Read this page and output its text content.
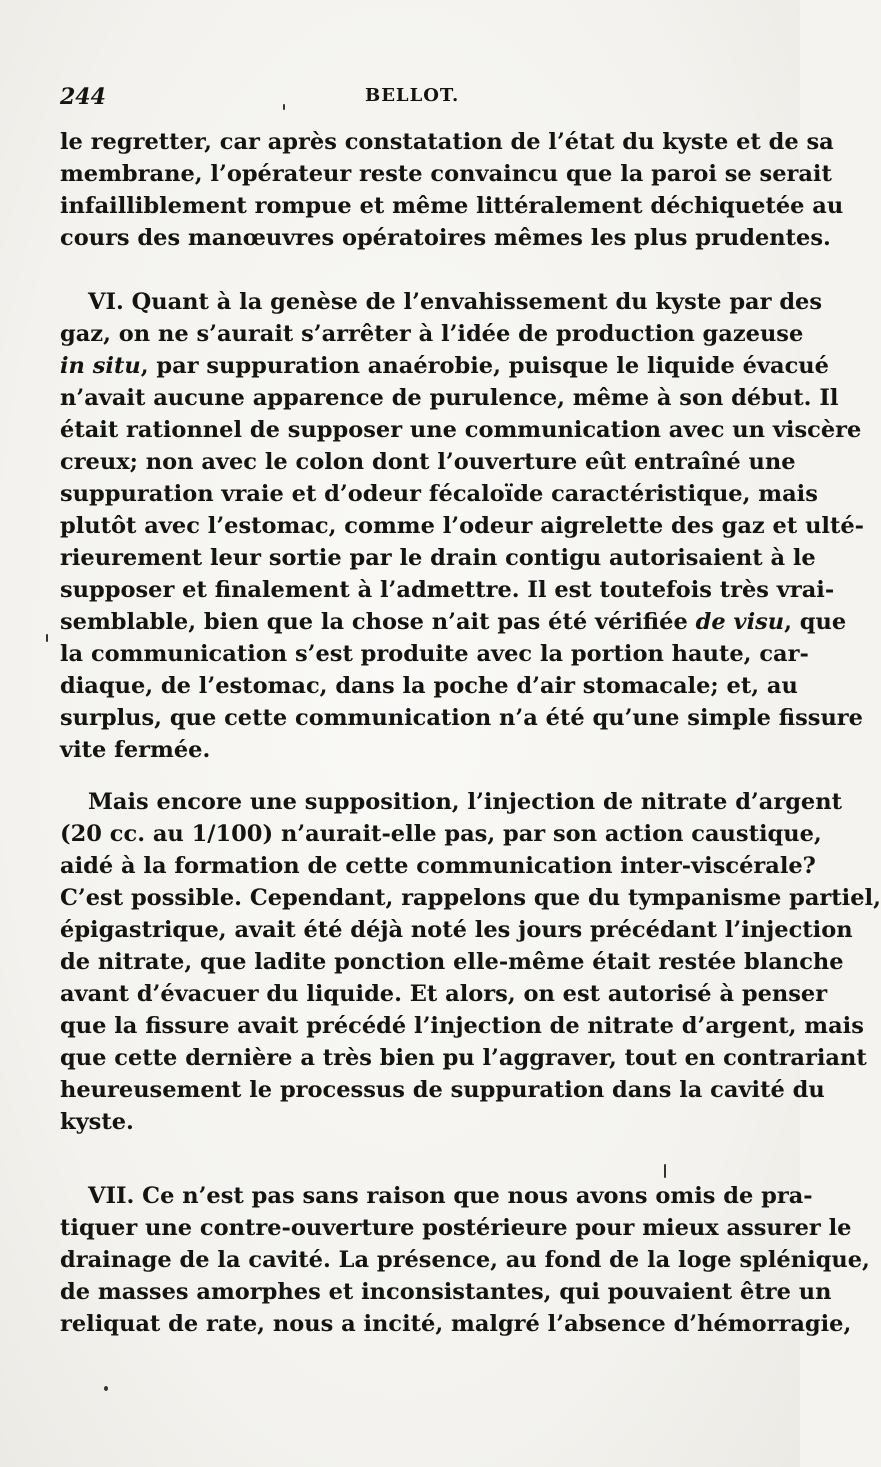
244	BELLOT.
le regretter, car après constatation de l’état du kyste et de sa
membrane, l’opérateur reste convaincu que la paroi se serait
infailliblement rompue et même littéralement déchiquetée au
cours des manœuvres opératoires mêmes les plus prudentes.
VI. Quant à la genèse de l’envahissement du kyste par des
gaz, on ne s’aurait s’arrêter à l’idée de production gazeuse
in situ, par suppuration anaérobie, puisque le liquide évacué
n’avait aucune apparence de purulence, même à son début. Il
était rationnel de supposer une communication avec un viscère
creux; non avec le colon dont l’ouverture eût entraîné une
suppuration vraie et d’odeur fécaloïde caractéristique, mais
plutôt avec l’estomac, comme l’odeur aigrelette des gaz et ulté-
rieurement leur sortie par le drain contigu autorisaient à le
supposer et finalement à l’admettre. Il est toutefois très vrai-
semblable, bien que la chose n’ait pas été vérifiée de visu, que
la communication s’est produite avec la portion haute, car-
diaque, de l’estomac, dans la poche d’air stomacale; et, au
surplus, que cette communication n’a été qu’une simple fissure
vite fermée.
Mais encore une supposition, l’injection de nitrate d’argent
(20 cc. au 1/100) n’aurait-elle pas, par son action caustique,
aidé à la formation de cette communication inter-viscérale?
C’est possible. Cependant, rappelons que du tympanisme partiel,
épigastrique, avait été déjà noté les jours précédant l’injection
de nitrate, que ladite ponction elle-même était restée blanche
avant d’évacuer du liquide. Et alors, on est autorisé à penser
que la fissure avait précédé l’injection de nitrate d’argent, mais
que cette dernière a très bien pu l’aggraver, tout en contrariant
heureusement le processus de suppuration dans la cavité du
kyste.
VII. Ce n’est pas sans raison que nous avons omis de pra-
tiquer une contre-ouverture postérieure pour mieux assurer le
drainage de la cavité. La présence, au fond de la loge splénique,
de masses amorphes et inconsistantes, qui pouvaient être un
reliquat de rate, nous a incité, malgré l’absence d’hémorragie,
